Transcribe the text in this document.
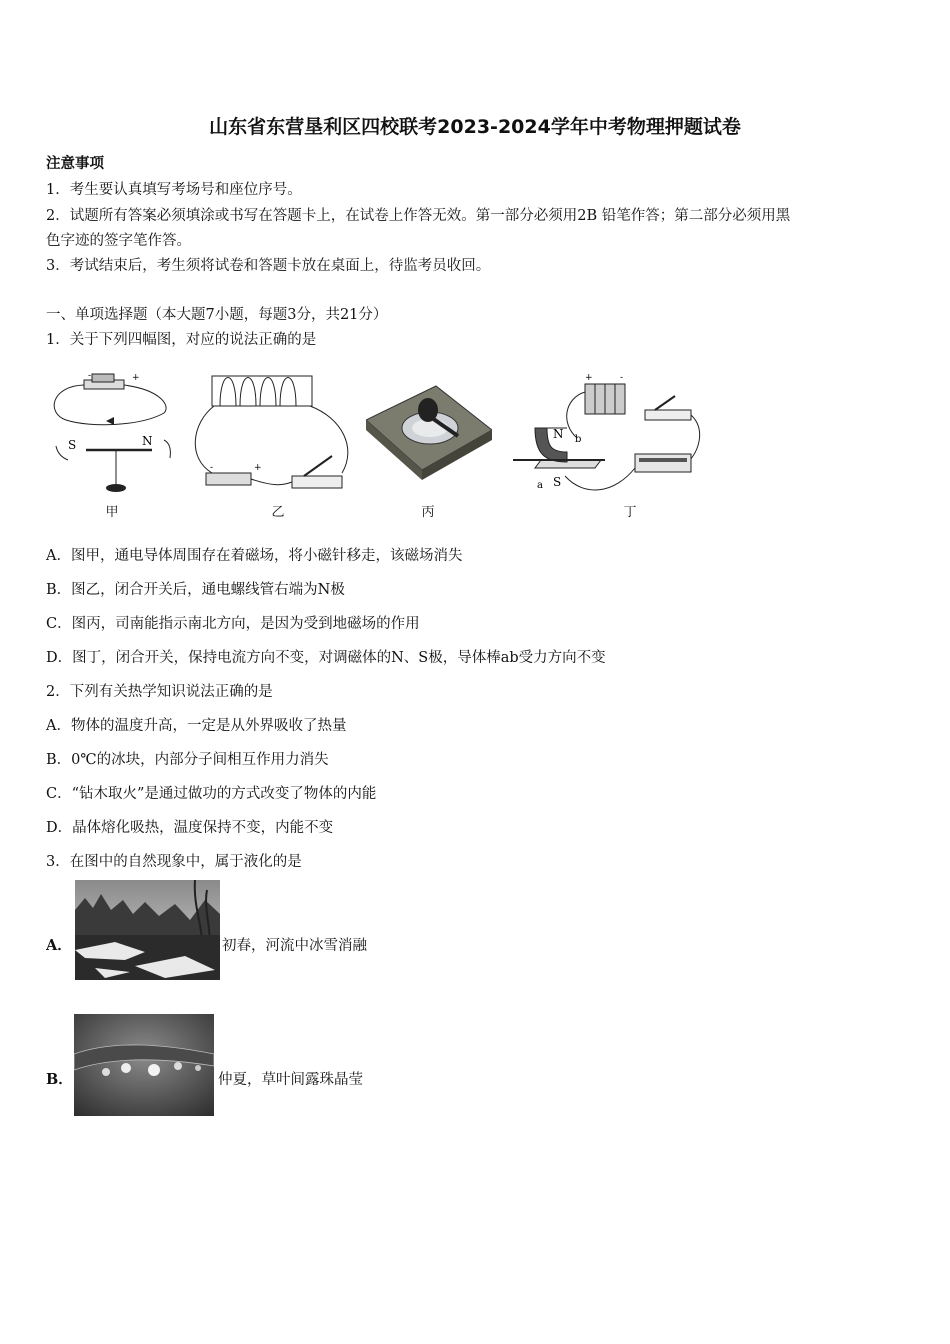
山东省东营垦利区四校联考2023-2024学年中考物理押题试卷
注意事项
1．考生要认真填写考场号和座位序号。
2．试题所有答案必须填涂或书写在答题卡上，在试卷上作答无效。第一部分必须用2B 铅笔作答；第二部分必须用黑
色字迹的签字笔作答。
3．考试结束后，考生须将试卷和答题卡放在桌面上，待监考员收回。
一、单项选择题（本大题7小题，每题3分，共21分）
1．关于下列四幅图，对应的说法正确的是
-	+
S	N
甲
-	+
乙	丙
+	-
N b
S
a
丁
A．图甲，通电导体周围存在着磁场，将小磁针移走，该磁场消失
B．图乙，闭合开关后，通电螺线管右端为N极
C．图丙，司南能指示南北方向，是因为受到地磁场的作用
D．图丁，闭合开关，保持电流方向不变，对调磁体的N、S极，导体棒ab受力方向不变
2．下列有关热学知识说法正确的是
A．物体的温度升高，一定是从外界吸收了热量
B．0℃的冰块，内部分子间相互作用力消失
C．“钻木取火”是通过做功的方式改变了物体的内能
D．晶体熔化吸热，温度保持不变，内能不变
3．在图中的自然现象中，属于液化的是
A．	初春，河流中冰雪消融
B．	仲夏，草叶间露珠晶莹
